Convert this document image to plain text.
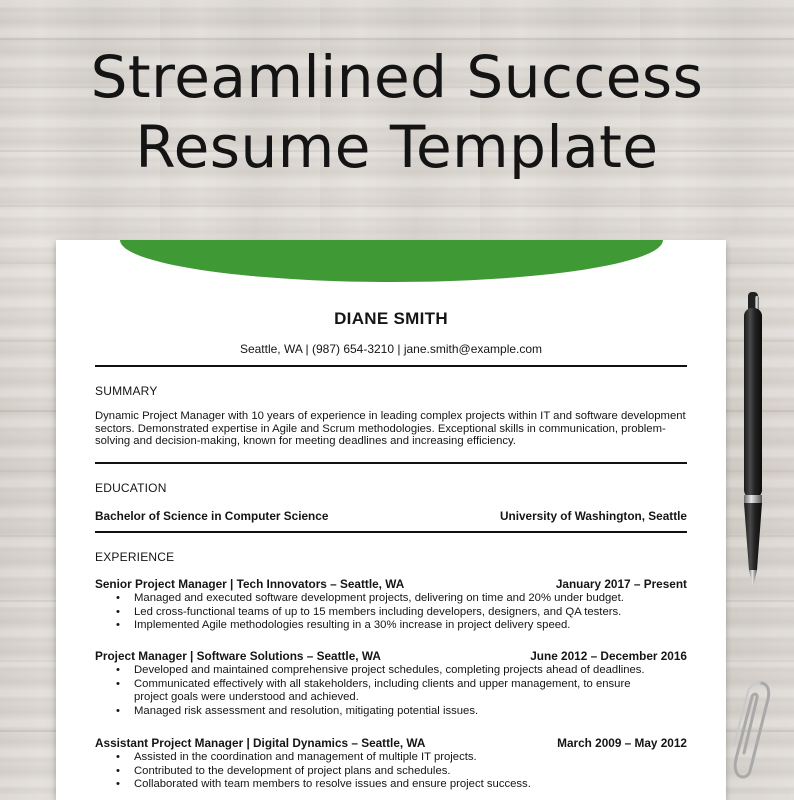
Streamlined Success
Resume Template
DIANE SMITH
Seattle, WA | (987) 654-3210 | jane.smith@example.com
SUMMARY
Dynamic Project Manager with 10 years of experience in leading complex projects within IT and software development sectors. Demonstrated expertise in Agile and Scrum methodologies. Exceptional skills in communication, problem-solving and decision-making, known for meeting deadlines and increasing efficiency.
EDUCATION
Bachelor of Science in Computer Science	University of Washington, Seattle
EXPERIENCE
Senior Project Manager | Tech Innovators – Seattle, WA	January 2017 – Present
• Managed and executed software development projects, delivering on time and 20% under budget.
• Led cross-functional teams of up to 15 members including developers, designers, and QA testers.
• Implemented Agile methodologies resulting in a 30% increase in project delivery speed.
Project Manager | Software Solutions – Seattle, WA	June 2012 – December 2016
• Developed and maintained comprehensive project schedules, completing projects ahead of deadlines.
• Communicated effectively with all stakeholders, including clients and upper management, to ensure project goals were understood and achieved.
• Managed risk assessment and resolution, mitigating potential issues.
Assistant Project Manager | Digital Dynamics – Seattle, WA	March 2009 – May 2012
• Assisted in the coordination and management of multiple IT projects.
• Contributed to the development of project plans and schedules.
• Collaborated with team members to resolve issues and ensure project success.
